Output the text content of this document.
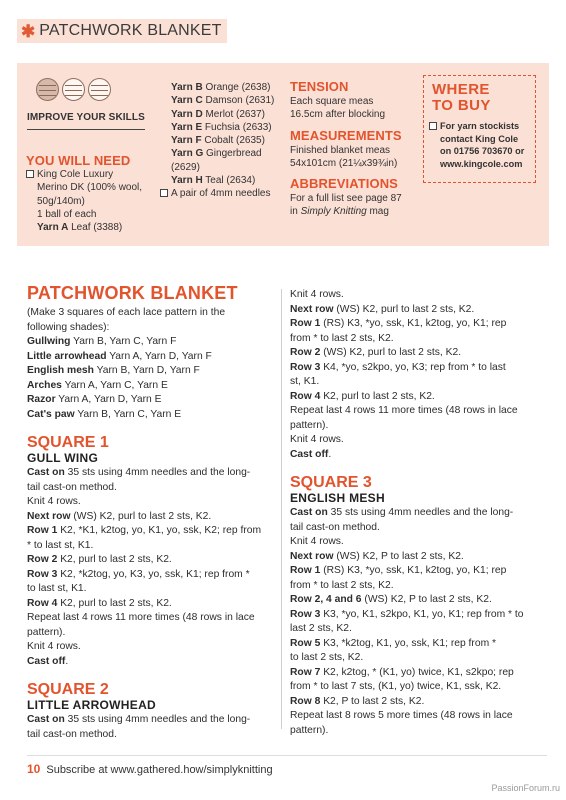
✱ PATCHWORK BLANKET
IMPROVE YOUR SKILLS
YOU WILL NEED
King Cole Luxury
Merino DK (100% wool,
50g/140m)
1 ball of each
Yarn A Leaf (3388)
Yarn B Orange (2638)
Yarn C Damson (2631)
Yarn D Merlot (2637)
Yarn E Fuchsia (2633)
Yarn F Cobalt (2635)
Yarn G Gingerbread
(2629)
Yarn H Teal (2634)
A pair of 4mm needles
TENSION
Each square meas
16.5cm after blocking
MEASUREMENTS
Finished blanket meas
54x101cm (21¼x39¾in)
ABBREVIATIONS
For a full list see page 87
in Simply Knitting mag
WHERE
TO BUY
For yarn stockists
contact King Cole
on 01756 703670 or
www.kingcole.com
PATCHWORK BLANKET
(Make 3 squares of each lace pattern in the
following shades):
Gullwing Yarn B, Yarn C, Yarn F
Little arrowhead Yarn A, Yarn D, Yarn F
English mesh Yarn B, Yarn D, Yarn F
Arches Yarn A, Yarn C, Yarn E
Razor Yarn A, Yarn D, Yarn E
Cat's paw Yarn B, Yarn C, Yarn E
SQUARE 1
GULL WING
Cast on 35 sts using 4mm needles and the long-
tail cast-on method.
Knit 4 rows.
Next row (WS) K2, purl to last 2 sts, K2.
Row 1 K2, *K1, k2tog, yo, K1, yo, ssk, K2; rep from
* to last st, K1.
Row 2 K2, purl to last 2 sts, K2.
Row 3 K2, *k2tog, yo, K3, yo, ssk, K1; rep from *
to last st, K1.
Row 4 K2, purl to last 2 sts, K2.
Repeat last 4 rows 11 more times (48 rows in lace
pattern).
Knit 4 rows.
Cast off.
SQUARE 2
LITTLE ARROWHEAD
Cast on 35 sts using 4mm needles and the long-
tail cast-on method.
Knit 4 rows.
Next row (WS) K2, purl to last 2 sts, K2.
Row 1 (RS) K3, *yo, ssk, K1, k2tog, yo, K1; rep
from * to last 2 sts, K2.
Row 2 (WS) K2, purl to last 2 sts, K2.
Row 3 K4, *yo, s2kpo, yo, K3; rep from * to last
st, K1.
Row 4 K2, purl to last 2 sts, K2.
Repeat last 4 rows 11 more times (48 rows in lace
pattern).
Knit 4 rows.
Cast off.
SQUARE 3
ENGLISH MESH
Cast on 35 sts using 4mm needles and the long-
tail cast-on method.
Knit 4 rows.
Next row (WS) K2, P to last 2 sts, K2.
Row 1 (RS) K3, *yo, ssk, K1, k2tog, yo, K1; rep
from * to last 2 sts, K2.
Row 2, 4 and 6 (WS) K2, P to last 2 sts, K2.
Row 3 K3, *yo, K1, s2kpo, K1, yo, K1; rep from * to
last 2 sts, K2.
Row 5 K3, *k2tog, K1, yo, ssk, K1; rep from *
to last 2 sts, K2.
Row 7 K2, k2tog, * (K1, yo) twice, K1, s2kpo; rep
from * to last 7 sts, (K1, yo) twice, K1, ssk, K2.
Row 8 K2, P to last 2 sts, K2.
Repeat last 8 rows 5 more times (48 rows in lace
pattern).
10 Subscribe at www.gathered.how/simplyknitting
PassionForum.ru
